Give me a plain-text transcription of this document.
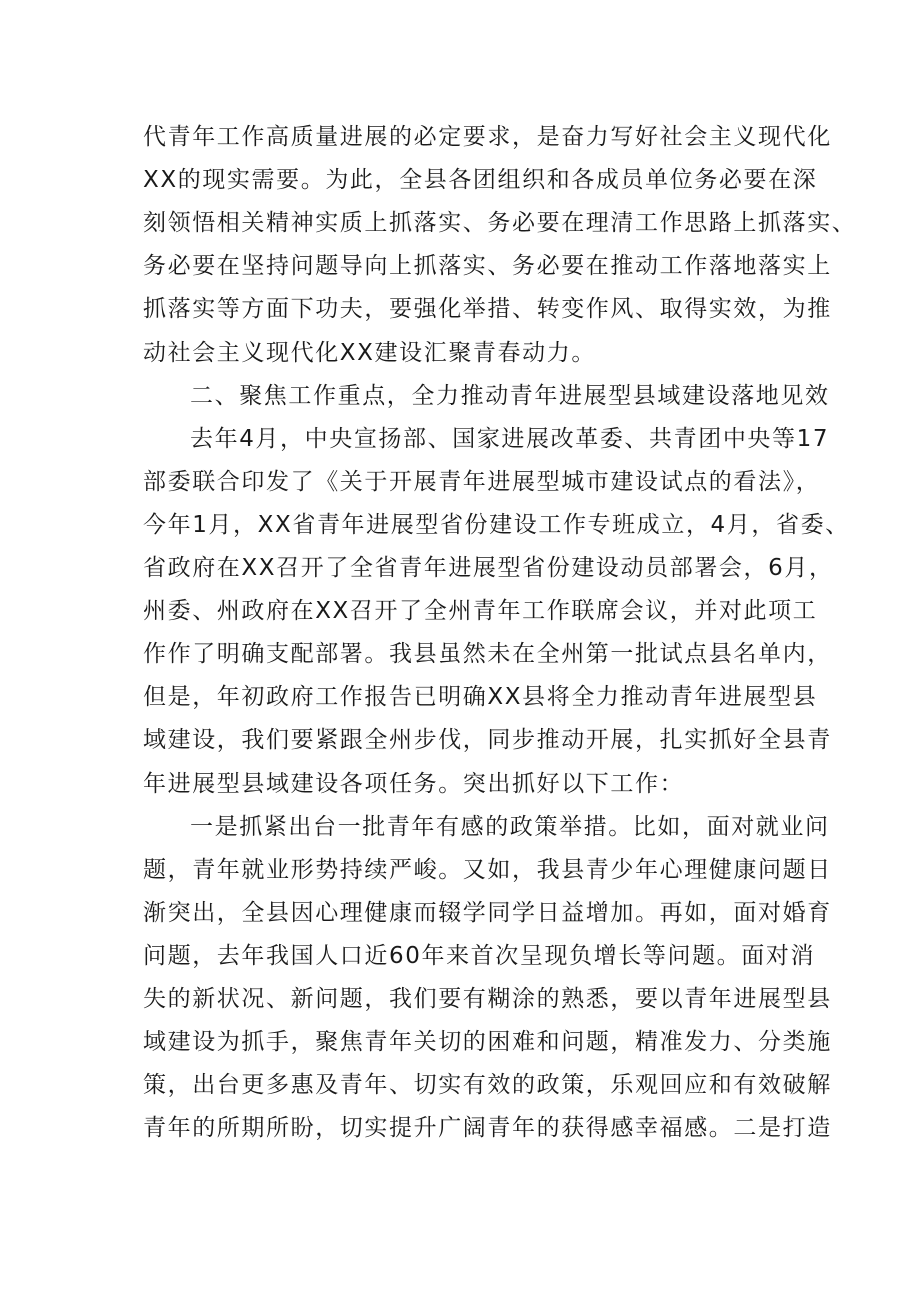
代青年工作高质量进展的必定要求，是奋力写好社会主义现代化
XX的现实需要。为此，全县各团组织和各成员单位务必要在深
刻领悟相关精神实质上抓落实、务必要在理清工作思路上抓落实、
务必要在坚持问题导向上抓落实、务必要在推动工作落地落实上
抓落实等方面下功夫，要强化举措、转变作风、取得实效，为推
动社会主义现代化XX建设汇聚青春动力。
二、聚焦工作重点，全力推动青年进展型县域建设落地见效
去年4月，中央宣扬部、国家进展改革委、共青团中央等17
部委联合印发了《关于开展青年进展型城市建设试点的看法》，
今年1月，XX省青年进展型省份建设工作专班成立，4月，省委、
省政府在XX召开了全省青年进展型省份建设动员部署会，6月，
州委、州政府在XX召开了全州青年工作联席会议，并对此项工
作作了明确支配部署。我县虽然未在全州第一批试点县名单内，
但是，年初政府工作报告已明确XX县将全力推动青年进展型县
域建设，我们要紧跟全州步伐，同步推动开展，扎实抓好全县青
年进展型县域建设各项任务。突出抓好以下工作：
一是抓紧出台一批青年有感的政策举措。比如，面对就业问
题，青年就业形势持续严峻。又如，我县青少年心理健康问题日
渐突出，全县因心理健康而辍学同学日益增加。再如，面对婚育
问题，去年我国人口近60年来首次呈现负增长等问题。面对消
失的新状况、新问题，我们要有糊涂的熟悉，要以青年进展型县
域建设为抓手，聚焦青年关切的困难和问题，精准发力、分类施
策，出台更多惠及青年、切实有效的政策，乐观回应和有效破解
青年的所期所盼，切实提升广阔青年的获得感幸福感。二是打造
